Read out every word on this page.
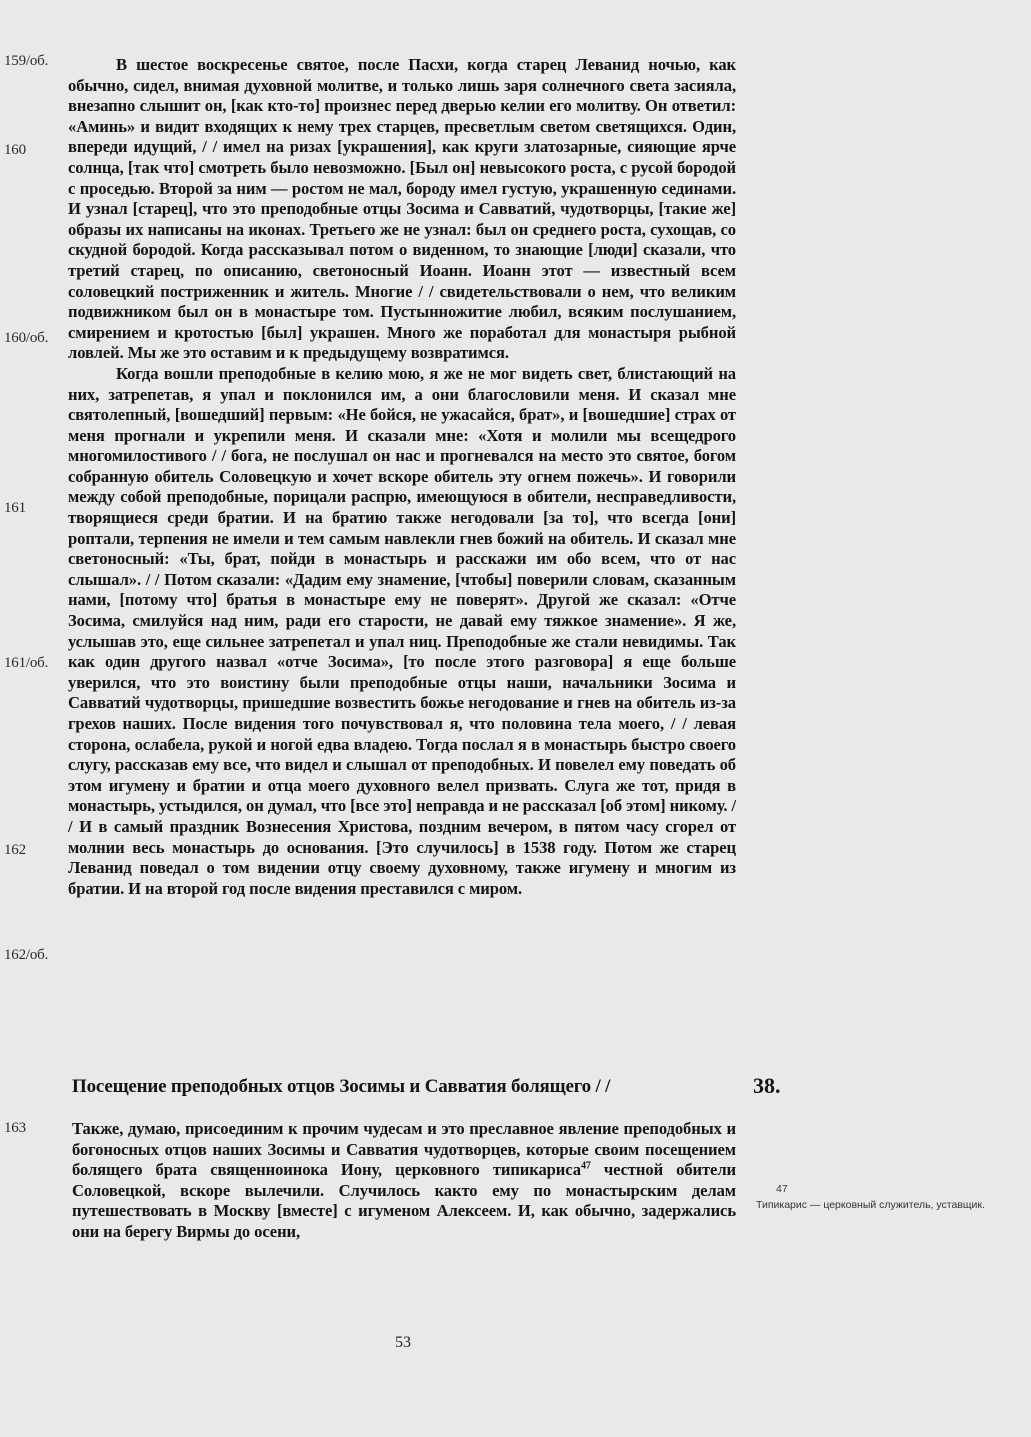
159/об.
160
160/об.
161
161/об.
162
162/об.
163

В шестое воскресенье святое, после Пасхи, когда старец Леванид ночью, как обычно, сидел, внимая духовной молитве, и только лишь заря солнечного света засияла, внезапно слышит он, [как кто-то] произнес перед дверью келии его молитву. Он ответил: «Аминь» и видит входящих к нему трех старцев, пресветлым светом светящихся. Один, впереди идущий, / / имел на ризах [украшения], как круги златозарные, сияющие ярче солнца, [так что] смотреть было невозможно. [Был он] невысокого роста, с русой бородой с проседью. Второй за ним — ростом не мал, бороду имел густую, украшенную сединами. И узнал [старец], что это преподобные отцы Зосима и Савватий, чудотворцы, [такие же] образы их написаны на иконах. Третьего же не узнал: был он среднего роста, сухощав, со скудной бородой. Когда рассказывал потом о виденном, то знающие [люди] сказали, что третий старец, по описанию, светоносный Иоанн. Иоанн этот — известный всем соловецкий постриженник и житель. Многие / / свидетельствовали о нем, что великим подвижником был он в монастыре том. Пустынножитие любил, всяким послушанием, смирением и кротостью [был] украшен. Много же поработал для монастыря рыбной ловлей. Мы же это оставим и к предыдущему возвратимся.

Когда вошли преподобные в келию мою, я же не мог видеть свет, блистающий на них, затрепетав, я упал и поклонился им, а они благословили меня. И сказал мне святолепный, [вошедший] первым: «Не бойся, не ужасайся, брат», и [вошедшие] страх от меня прогнали и укрепили меня. И сказали мне: «Хотя и молили мы всещедрого многомилостивого / / бога, не послушал он нас и прогневался на место это святое, богом собранную обитель Соловецкую и хочет вскоре обитель эту огнем пожечь». И говорили между собой преподобные, порицали распрю, имеющуюся в обители, несправедливости, творящиеся среди братии. И на братию также негодовали [за то], что всегда [они] роптали, терпения не имели и тем самым навлекли гнев божий на обитель. И сказал мне светоносный: «Ты, брат, пойди в монастырь и расскажи им обо всем, что от нас слышал». / / Потом сказали: «Дадим ему знамение, [чтобы] поверили словам, сказанным нами, [потому что] братья в монастыре ему не поверят». Другой же сказал: «Отче Зосима, смилуйся над ним, ради его старости, не давай ему тяжкое знамение». Я же, услышав это, еще сильнее затрепетал и упал ниц. Преподобные же стали невидимы. Так как один другого назвал «отче Зосима», [то после этого разговора] я еще больше уверился, что это воистину были преподобные отцы наши, начальники Зосима и Савватий чудотворцы, пришедшие возвестить божье негодование и гнев на обитель из-за грехов наших. После видения того почувствовал я, что половина тела моего, / / левая сторона, ослабела, рукой и ногой едва владею. Тогда послал я в монастырь быстро своего слугу, рассказав ему все, что видел и слышал от преподобных. И повелел ему поведать об этом игумену и братии и отца моего духовного велел призвать. Слуга же тот, придя в монастырь, устыдился, он думал, что [все это] неправда и не рассказал [об этом] никому. / / И в самый праздник Вознесения Христова, поздним вечером, в пятом часу сгорел от молнии весь монастырь до основания. [Это случилось] в 1538 году. Потом же старец Леванид поведал о том видении отцу своему духовному, также игумену и многим из братии. И на второй год после видения преставился с миром.

Посещение преподобных отцов Зосимы и Савватия болящего / /	38.

Также, думаю, присоединим к прочим чудесам и это преславное явление преподобных и богоносных отцов наших Зосимы и Савватия чудотворцев, которые своим посещением болящего брата священноинока Иону, церковного типикариса$^{47}$ честной обители Соловецкой, вскоре вылечили. Случилось както ему по монастырским делам путешествовать в Москву [вместе] с игуменом Алексеем. И, как обычно, задержались они на берегу Вирмы до осени,

47
Типикарис — церковный служитель, уставщик.
53
